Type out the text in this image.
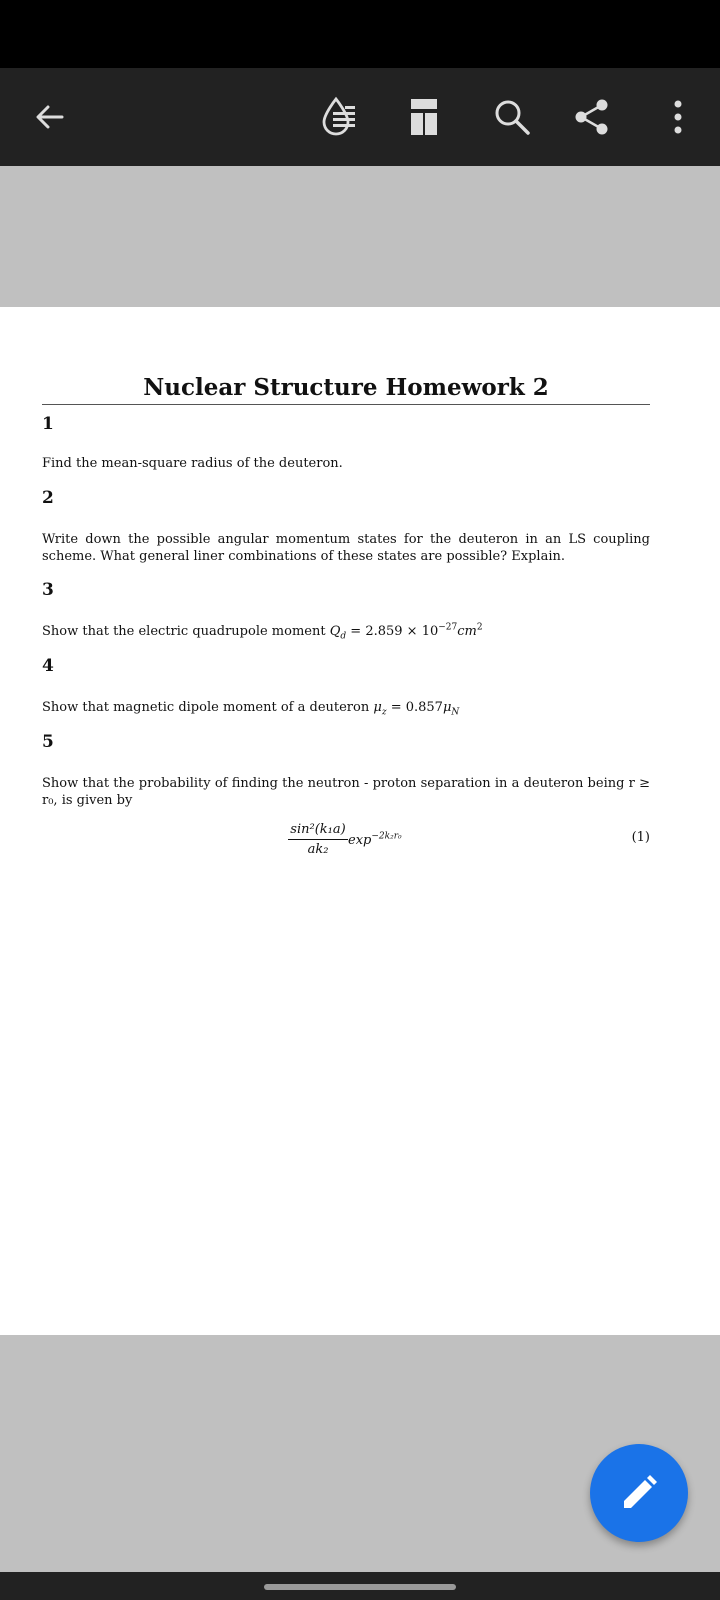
Nuclear Structure Homework 2
1
Find the mean-square radius of the deuteron.
2
Write down the possible angular momentum states for the deuteron in an LS coupling scheme. What general liner combinations of these states are possible? Explain.
3
Show that the electric quadrupole moment $Q_d = 2.859 \times 10^{-27}cm^2$
4
Show that magnetic dipole moment of a deuteron $\mu_z = 0.857\mu_N$
5
Show that the probability of finding the neutron - proton separation in a deuteron being r ≥ r₀, is given by
$\frac{\text{sin²(k₁a)}}{\text{ak₂}} \exp^{-2k_2r_0}$	(1)
